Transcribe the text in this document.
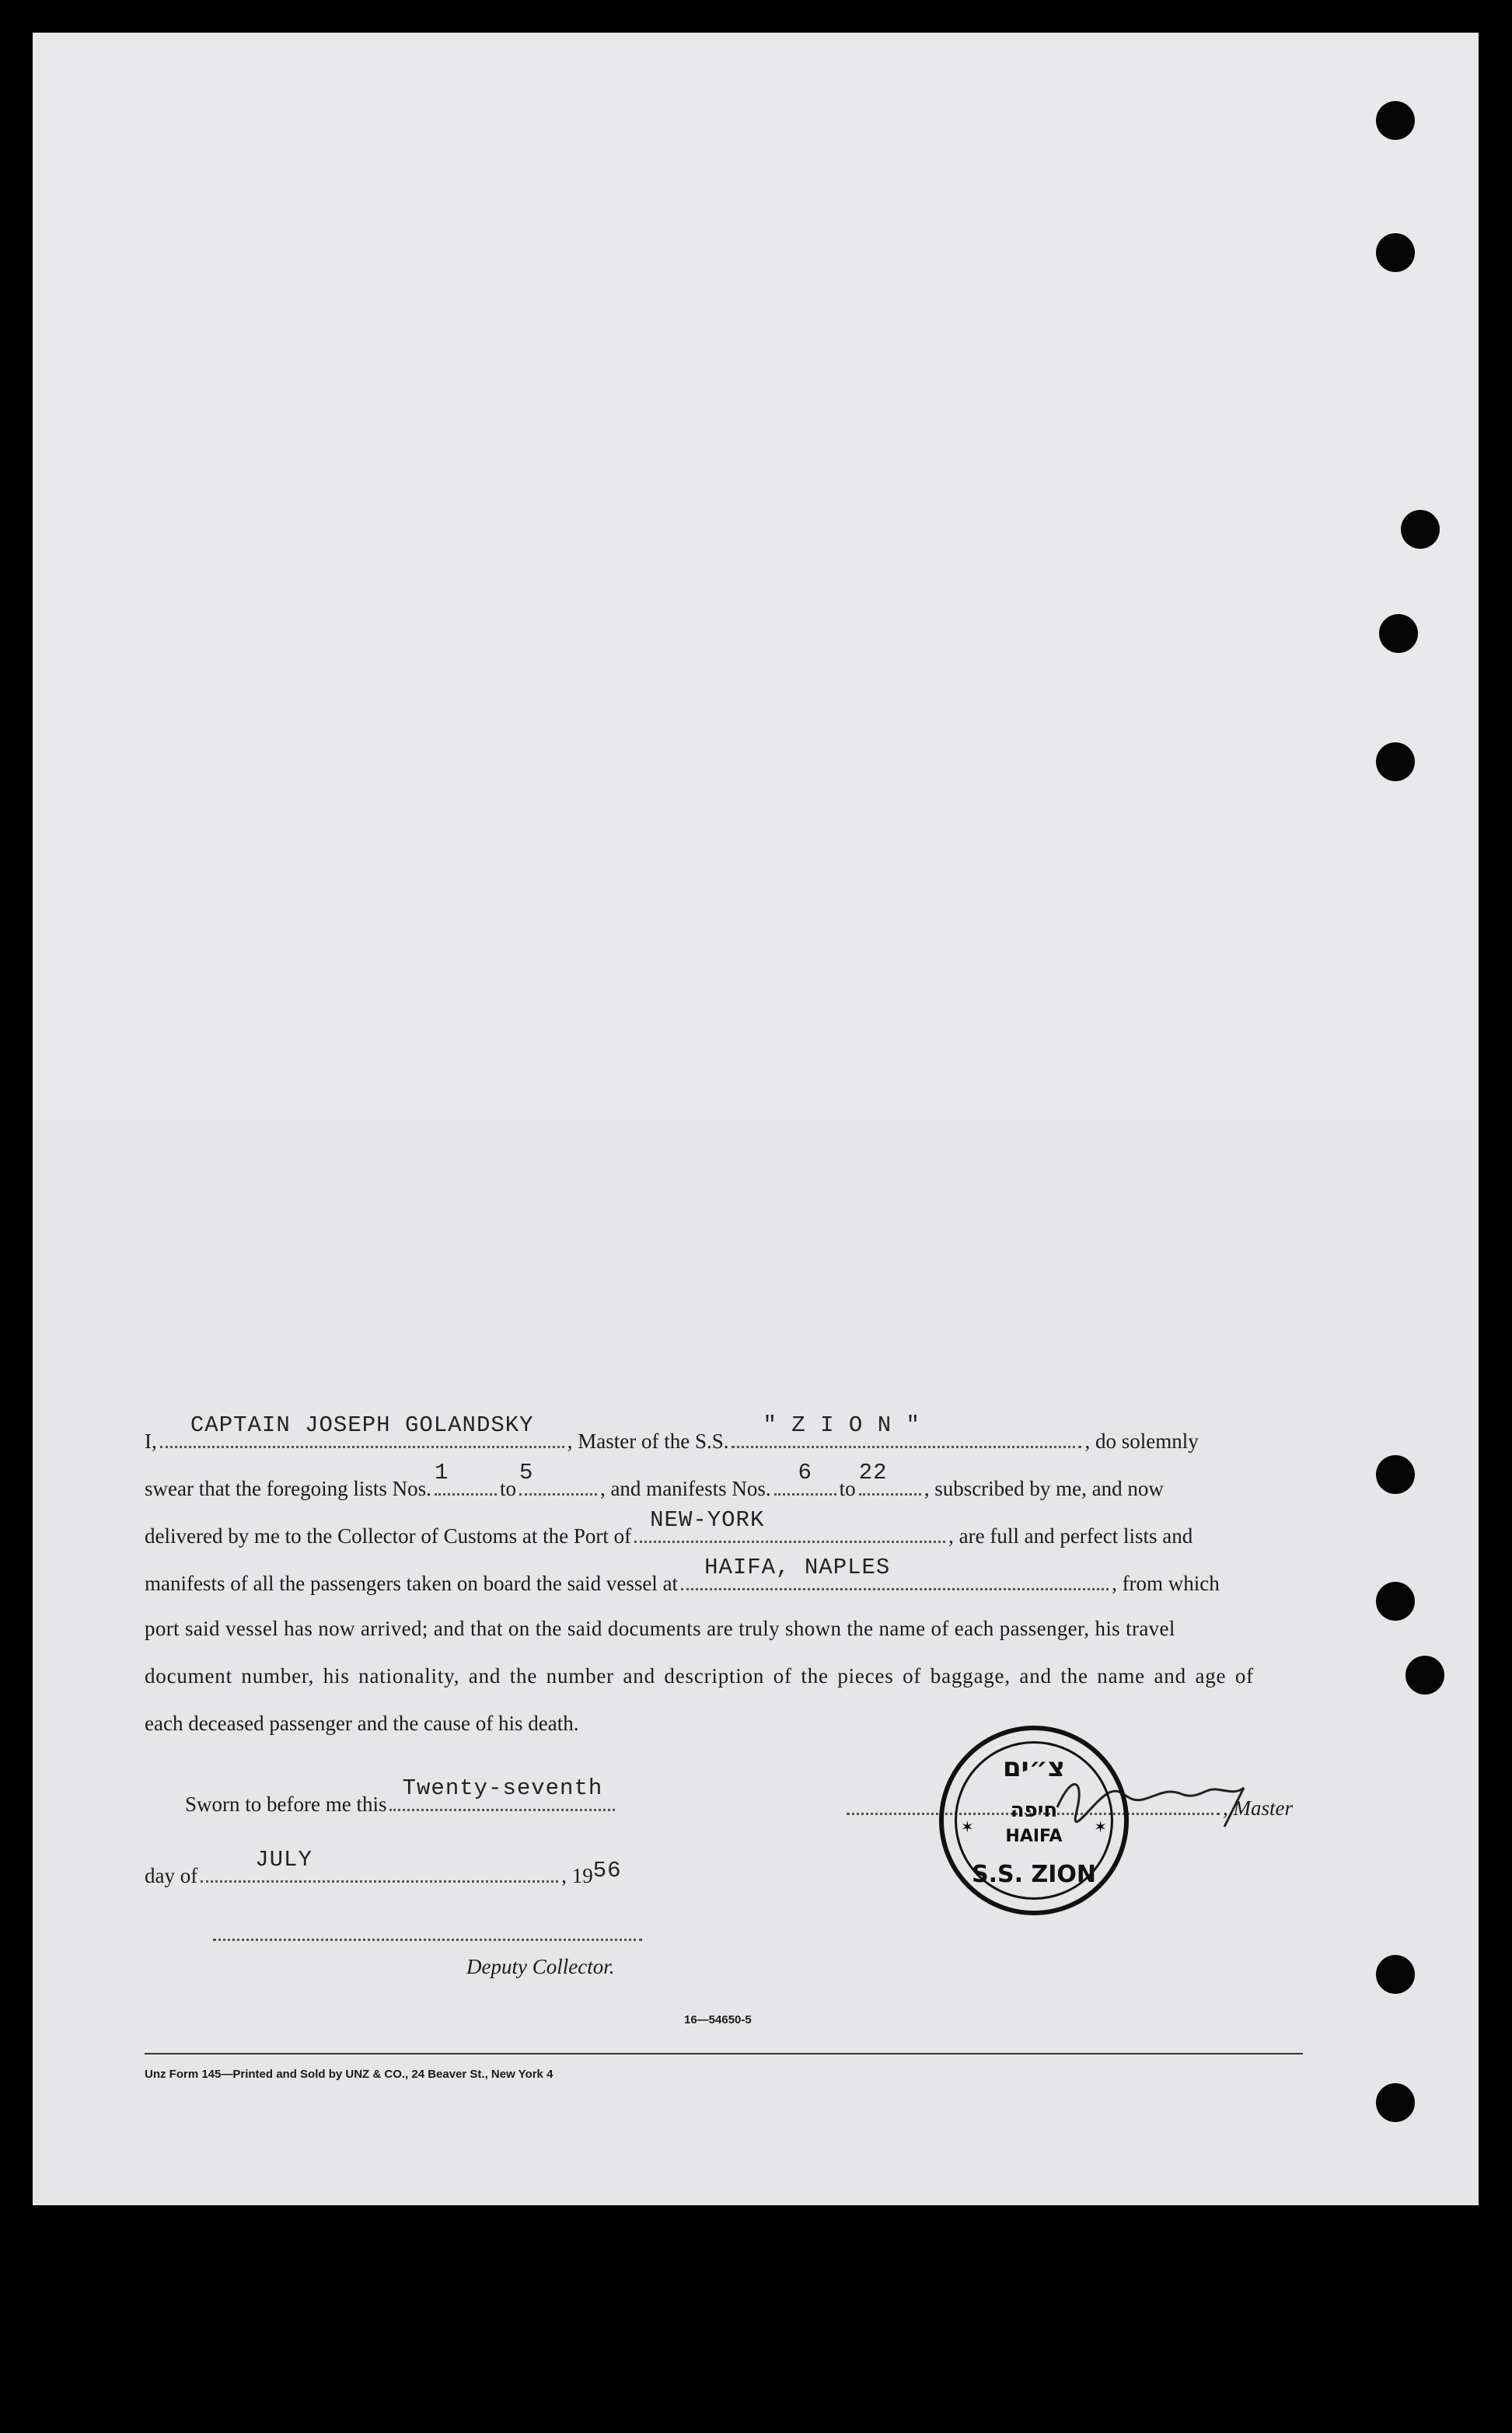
I,
CAPTAIN JOSEPH GOLANDSKY
, Master of the S.S.
" Z I O N "
, do solemnly
swear that the foregoing lists Nos.
1
to
5
, and manifests Nos.
6
to
22
, subscribed by me, and now
delivered by me to the Collector of Customs at the Port of
NEW-YORK
, are full and perfect lists and
manifests of all the passengers taken on board the said vessel at
HAIFA, NAPLES
, from which
port said vessel has now arrived; and that on the said documents are truly shown the name of each passenger, his travel
document number, his nationality, and the number and description of the pieces of baggage, and the name and age of
each deceased passenger and the cause of his death.
Sworn to before me this
Twenty-seventh
day of
JULY
, 19 56
Deputy Collector.
, Master
צ״ים
חיפה
HAIFA
S.S. ZION
✶	✶
16—54650-5
Unz Form 145—Printed and Sold by UNZ & CO., 24 Beaver St., New York 4
